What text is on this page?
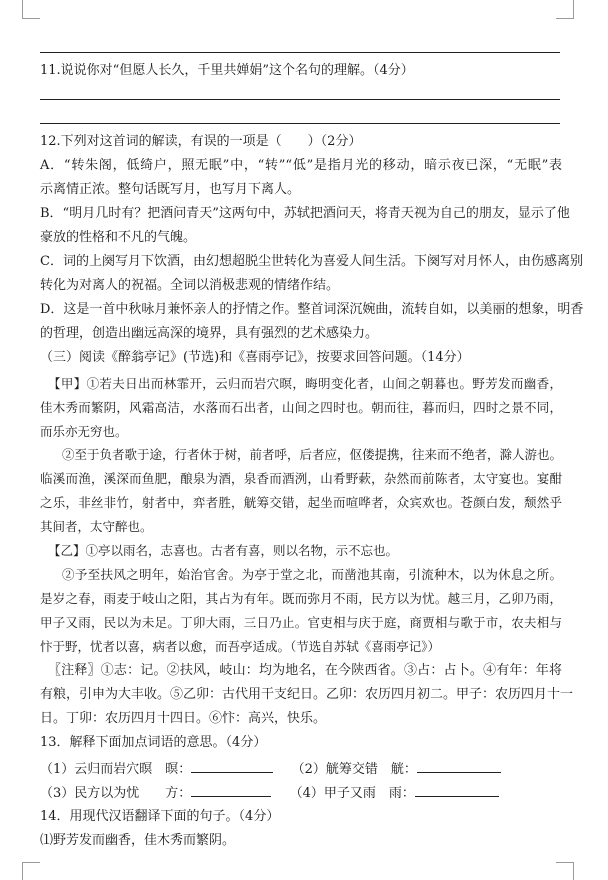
11.说说你对“但愿人长久，千里共婵娟”这个名句的理解。（4分）
12.下列对这首词的解读，有误的一项是（　　）（2分）
A．“转朱阁，低绮户，照无眠”中，“转”“低”是指月光的移动，暗示夜已深，“无眠”表
示离情正浓。整句话既写月，也写月下离人。
B．“明月几时有？把酒问青天”这两句中，苏轼把酒问天，将青天视为自己的朋友，显示了他
豪放的性格和不凡的气魄。
C．词的上阕写月下饮酒，由幻想超脱尘世转化为喜爱人间生活。下阕写对月怀人，由伤感离别
转化为对离人的祝福。全词以消极悲观的情绪作结。
D．这是一首中秋咏月兼怀亲人的抒情之作。整首词深沉婉曲，流转自如，以美丽的想象，明香
的哲理，创造出幽远高深的境界，具有强烈的艺术感染力。
（三）阅读《醉翁亭记》(节选)和《喜雨亭记》，按要求回答问题。（14分）
【甲】①若夫日出而林霏开，云归而岩穴暝，晦明变化者，山间之朝暮也。野芳发而幽香，
佳木秀而繁阴，风霜高洁，水落而石出者，山间之四时也。朝而往，暮而归，四时之景不同，
而乐亦无穷也。
②至于负者歌于途，行者休于树，前者呼，后者应，伛偻提携，往来而不绝者，滁人游也。
临溪而渔，溪深而鱼肥，酿泉为酒，泉香而酒洌，山肴野蔌，杂然而前陈者，太守宴也。宴酣
之乐，非丝非竹，射者中，弈者胜，觥筹交错，起坐而喧哗者，众宾欢也。苍颜白发，颓然乎
其间者，太守醉也。
【乙】①亭以雨名，志喜也。古者有喜，则以名物，示不忘也。
②予至扶风之明年，始治官舍。为亭于堂之北，而凿池其南，引流种木，以为休息之所。
是岁之春，雨麦于岐山之阳，其占为有年。既而弥月不雨，民方以为忧。越三月，乙卯乃雨，
甲子又雨，民以为未足。丁卯大雨，三日乃止。官吏相与庆于庭，商贾相与歌于市，农夫相与
忭于野，忧者以喜，病者以愈，而吾亭适成。（节选自苏轼《喜雨亭记》）
〖注释〗①志：记。②扶风，岐山：均为地名，在今陕西省。③占：占卜。④有年：年将
有粮，引申为大丰收。⑤乙卯：古代用干支纪日。乙卯：农历四月初二。甲子：农历四月十一
日。丁卯：农历四月十四日。⑥忭：高兴，快乐。
13．解释下面加点词语的意思。（4分）
（1）云归而岩穴暝　暝：	（2）觥筹交错　觥：
（3）民方以为忧　　方：	（4）甲子又雨　雨：
14．用现代汉语翻译下面的句子。（4分）
⑴野芳发而幽香，佳木秀而繁阴。
